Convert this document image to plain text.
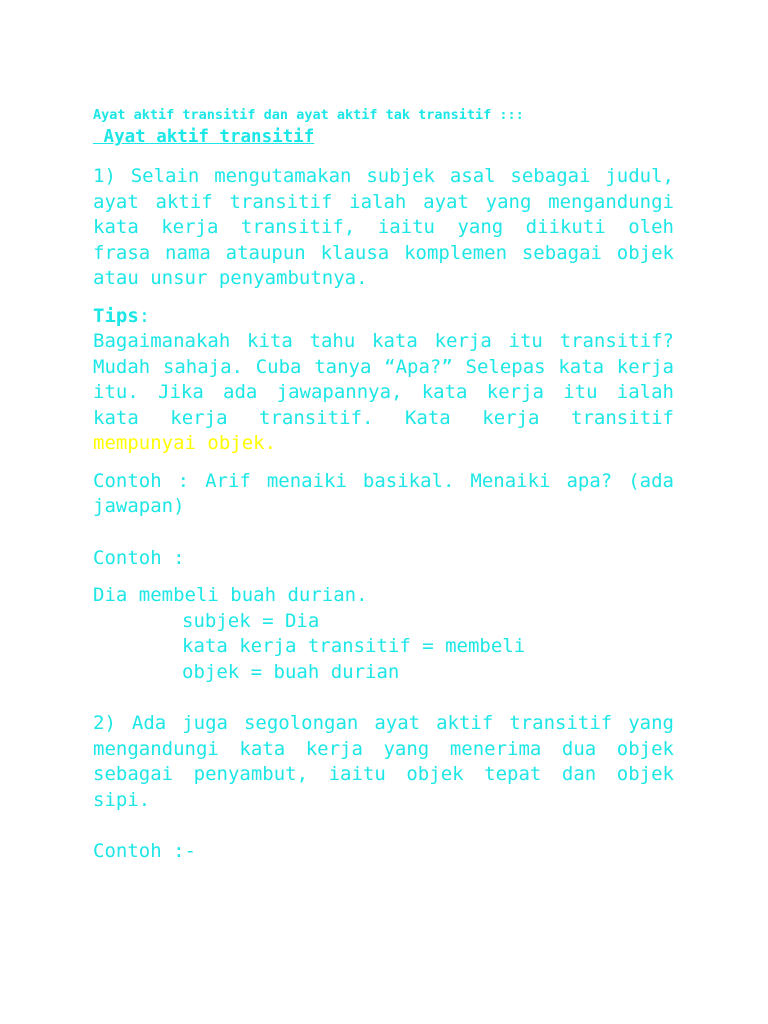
Ayat aktif transitif dan ayat aktif tak transitif :::

Ayat aktif transitif

1) Selain mengutamakan subjek asal sebagai judul, ayat aktif transitif ialah ayat yang mengandungi kata kerja transitif, iaitu yang diikuti oleh frasa nama ataupun klausa komplemen sebagai objek atau unsur penyambutnya.

Tips:

Bagaimanakah kita tahu kata kerja itu transitif?Mudah sahaja. Cuba tanya “Apa?” Selepas kata kerja itu. Jika ada jawapannya, kata kerja itu ialah kata kerja transitif. Kata kerja transitif mempunyai objek.

Contoh : Arif menaiki basikal. Menaiki apa? (ada jawapan)

Contoh :

Dia membeli buah durian.

subjek = Dia

kata kerja transitif = membeli

objek = buah durian

2) Ada juga segolongan ayat aktif transitif yang mengandungi kata kerja yang menerima dua objek sebagai penyambut, iaitu objek tepat dan objek sipi.

Contoh :-
